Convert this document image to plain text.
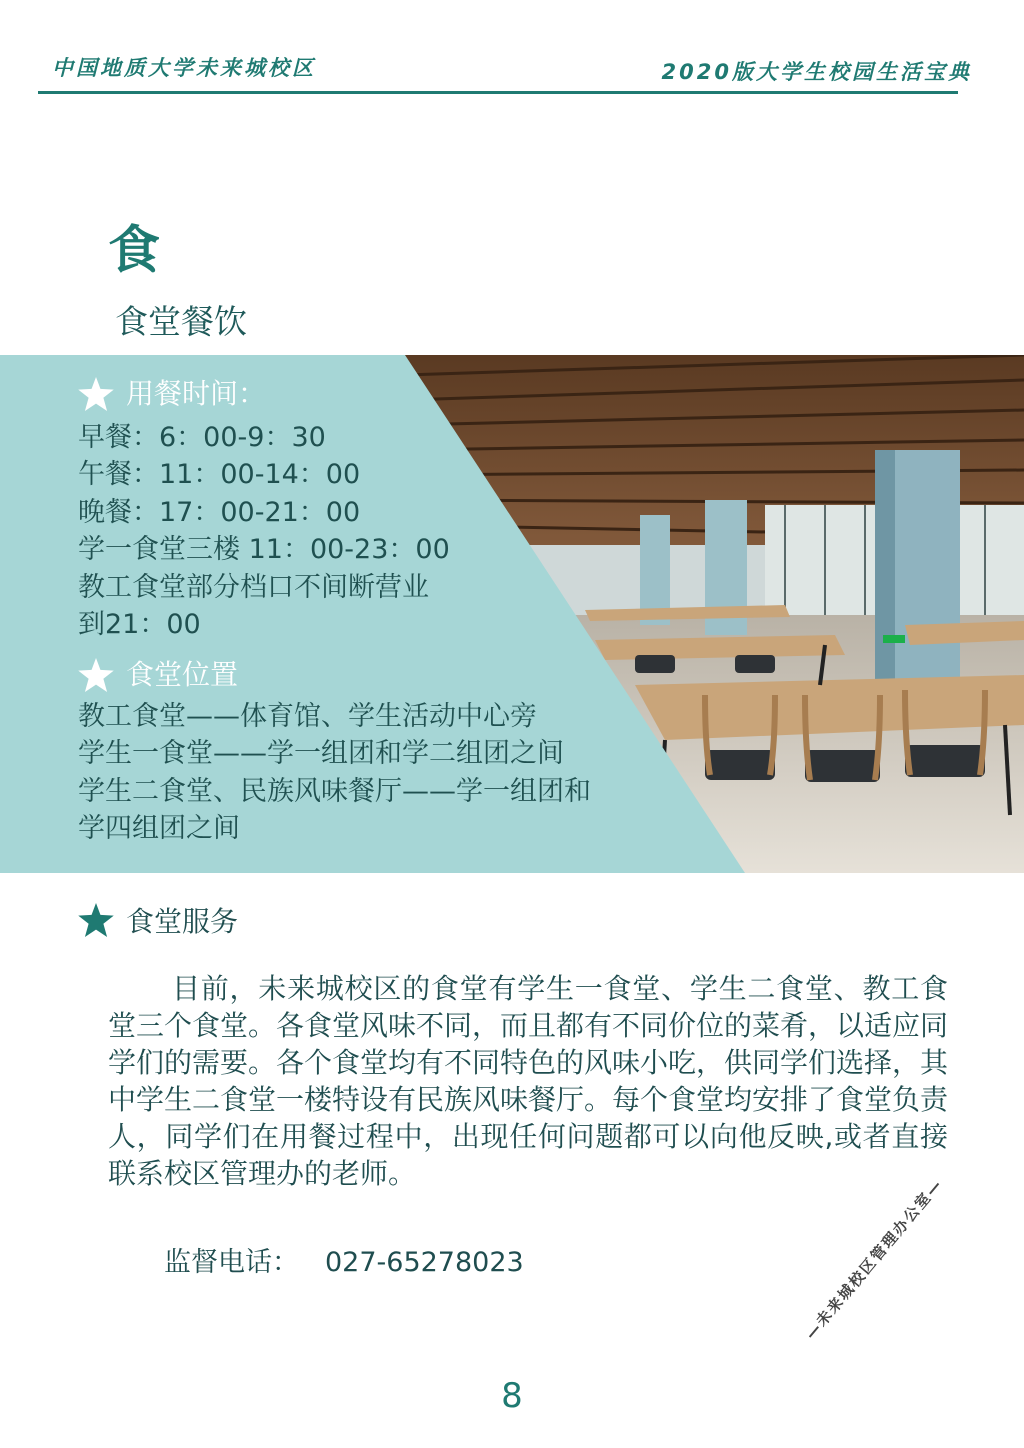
中国地质大学未来城校区	2020版大学生校园生活宝典
食
食堂餐饮
用餐时间：
早餐：6：00-9：30
午餐：11：00-14：00
晚餐：17：00-21：00
学一食堂三楼 11：00-23：00
教工食堂部分档口不间断营业
到21：00
食堂位置
教工食堂——体育馆、学生活动中心旁
学生一食堂——学一组团和学二组团之间
学生二食堂、民族风味餐厅——学一组团和
学四组团之间
食堂服务

目前，未来城校区的食堂有学生一食堂、学生二食堂、教工食堂三个食堂。各食堂风味不同，而且都有不同价位的菜肴，以适应同学们的需要。各个食堂均有不同特色的风味小吃，供同学们选择，其中学生二食堂一楼特设有民族风味餐厅。每个食堂均安排了食堂负责人，同学们在用餐过程中，出现任何问题都可以向他反映,或者直接联系校区管理办的老师。

监督电话： 027-65278023
8
—未来城校区管理办公室—
